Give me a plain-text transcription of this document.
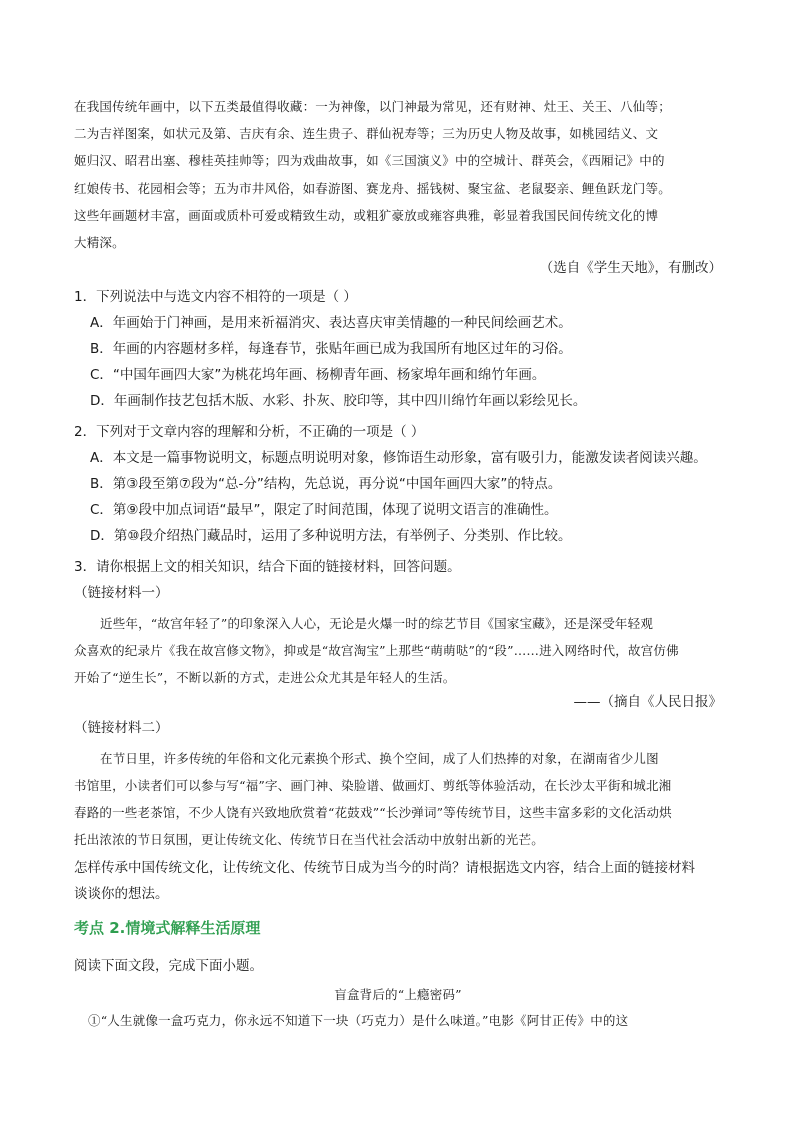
在我国传统年画中，以下五类最值得收藏：一为神像，以门神最为常见，还有财神、灶王、关王、八仙等；
二为吉祥图案，如状元及第、吉庆有余、连生贵子、群仙祝寿等；三为历史人物及故事，如桃园结义、文
姬归汉、昭君出塞、穆桂英挂帅等；四为戏曲故事，如《三国演义》中的空城计、群英会，《西厢记》中的
红娘传书、花园相会等；五为市井风俗，如春游图、赛龙舟、摇钱树、聚宝盆、老鼠娶亲、鲤鱼跃龙门等。
这些年画题材丰富，画面或质朴可爱或精致生动，或粗犷豪放或雍容典雅，彰显着我国民间传统文化的博
大精深。
（选自《学生天地》，有删改）
1．下列说法中与选文内容不相符的一项是（ ）
A．年画始于门神画，是用来祈福消灾、表达喜庆审美情趣的一种民间绘画艺术。
B．年画的内容题材多样，每逢春节，张贴年画已成为我国所有地区过年的习俗。
C．“中国年画四大家”为桃花坞年画、杨柳青年画、杨家埠年画和绵竹年画。
D．年画制作技艺包括木版、水彩、扑灰、胶印等，其中四川绵竹年画以彩绘见长。
2．下列对于文章内容的理解和分析，不正确的一项是（ ）
A．本文是一篇事物说明文，标题点明说明对象，修饰语生动形象，富有吸引力，能激发读者阅读兴趣。
B．第③段至第⑦段为“总-分”结构，先总说，再分说“中国年画四大家”的特点。
C．第⑨段中加点词语“最早”，限定了时间范围，体现了说明文语言的准确性。
D．第⑩段介绍热门藏品时，运用了多种说明方法，有举例子、分类别、作比较。
3．请你根据上文的相关知识，结合下面的链接材料，回答问题。
（链接材料一）
近些年，“故宫年轻了”的印象深入人心，无论是火爆一时的综艺节目《国家宝藏》，还是深受年轻观
众喜欢的纪录片《我在故宫修文物》，抑或是“故宫淘宝”上那些“萌萌哒”的“段”……进入网络时代，故宫仿佛
开始了“逆生长”，不断以新的方式，走进公众尤其是年轻人的生活。
——（摘自《人民日报》
（链接材料二）
在节日里，许多传统的年俗和文化元素换个形式、换个空间，成了人们热捧的对象，在湖南省少儿图
书馆里，小读者们可以参与写“福”字、画门神、染脸谱、做画灯、剪纸等体验活动，在长沙太平街和城北湘
春路的一些老茶馆，不少人饶有兴致地欣赏着“花鼓戏”“长沙弹词”等传统节目，这些丰富多彩的文化活动烘
托出浓浓的节日氛围，更让传统文化、传统节日在当代社会活动中放射出新的光芒。
怎样传承中国传统文化，让传统文化、传统节日成为当今的时尚？请根据选文内容，结合上面的链接材料
谈谈你的想法。
考点 2.情境式解释生活原理
阅读下面文段，完成下面小题。
盲盒背后的“上瘾密码”
①“人生就像一盒巧克力，你永远不知道下一块（巧克力）是什么味道。”电影《阿甘正传》中的这
